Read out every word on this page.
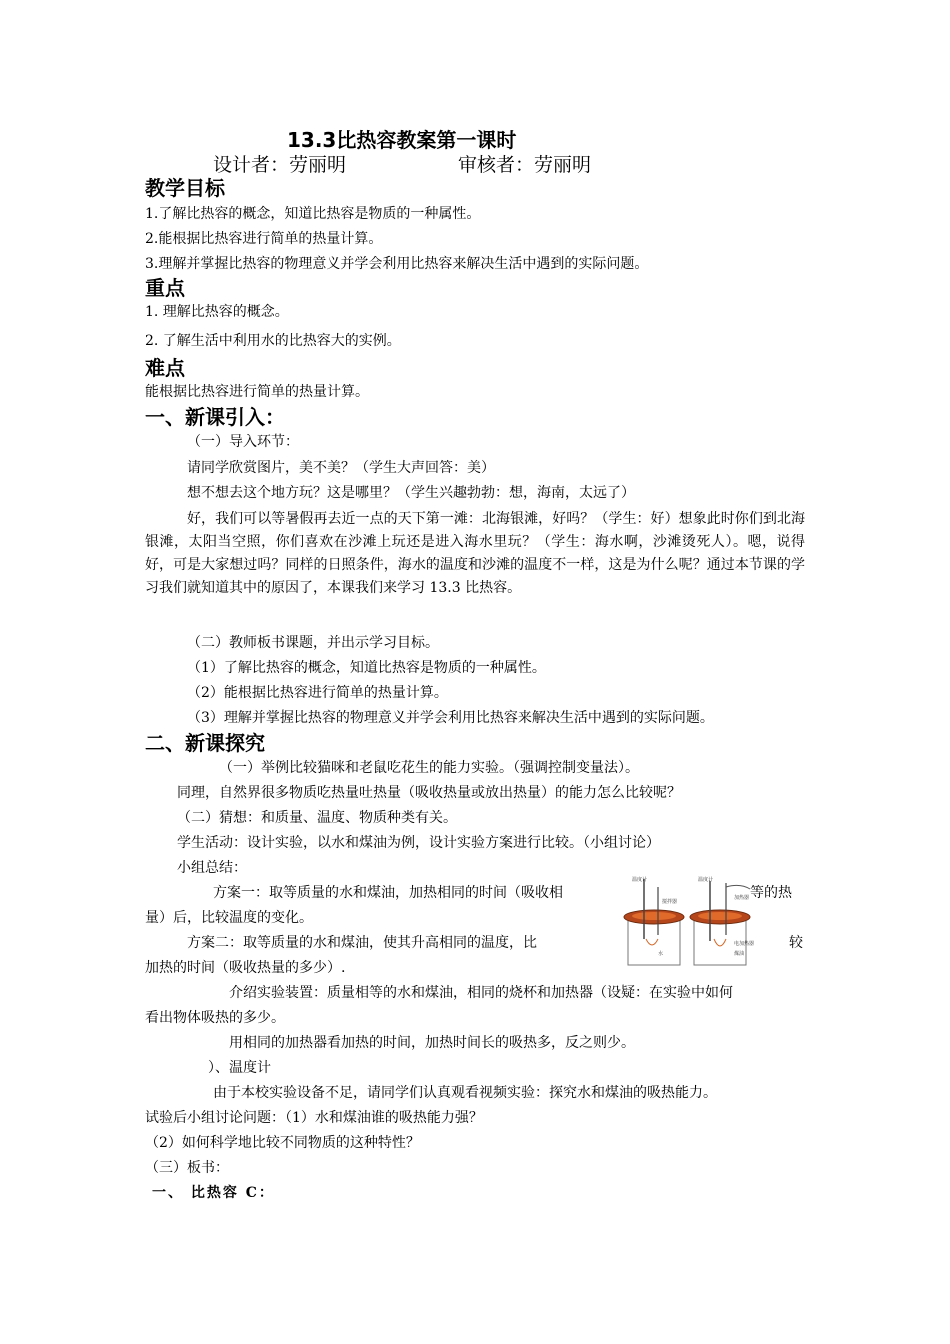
13.3比热容教案第一课时
设计者：劳丽明	审核者：劳丽明
教学目标
1.了解比热容的概念，知道比热容是物质的一种属性。
2.能根据比热容进行简单的热量计算。
3.理解并掌握比热容的物理意义并学会利用比热容来解决生活中遇到的实际问题。
重点
1. 理解比热容的概念。
2. 了解生活中利用水的比热容大的实例。
难点
能根据比热容进行简单的热量计算。
一、新课引入：
（一）导入环节：
请同学欣赏图片，美不美？（学生大声回答：美）
想不想去这个地方玩？这是哪里？（学生兴趣勃勃：想，海南，太远了）
好，我们可以等暑假再去近一点的天下第一滩：北海银滩，好吗？（学生：好）想象此时你们到北海银滩，太阳当空照，你们喜欢在沙滩上玩还是进入海水里玩？（学生：海水啊，沙滩烫死人）。嗯，说得好，可是大家想过吗？同样的日照条件，海水的温度和沙滩的温度不一样，这是为什么呢？通过本节课的学习我们就知道其中的原因了，本课我们来学习 13.3 比热容。
（二）教师板书课题，并出示学习目标。
（1）了解比热容的概念，知道比热容是物质的一种属性。
（2）能根据比热容进行简单的热量计算。
（3）理解并掌握比热容的物理意义并学会利用比热容来解决生活中遇到的实际问题。
二、新课探究
（一）举例比较猫咪和老鼠吃花生的能力实验。（强调控制变量法）。
同理，自然界很多物质吃热量吐热量（吸收热量或放出热量）的能力怎么比较呢？
（二）猜想：和质量、温度、物质种类有关。
学生活动：设计实验，以水和煤油为例，设计实验方案进行比较。（小组讨论）
小组总结：
方案一：取等质量的水和煤油，加热相同的时间（吸收相	等的热
量）后，比较温度的变化。
方案二：取等质量的水和煤油，使其升高相同的温度，比	较
加热的时间（吸收热量的多少）.
温度计	温度计
搅拌器
加热器
电加热器
煤油
水
介绍实验装置：质量相等的水和煤油，相同的烧杯和加热器（设疑：在实验中如何
看出物体吸热的多少。
用相同的加热器看加热的时间，加热时间长的吸热多，反之则少。
）、温度计
由于本校实验设备不足，请同学们认真观看视频实验：探究水和煤油的吸热能力。
试验后小组讨论问题：（1）水和煤油谁的吸热能力强？
（2）如何科学地比较不同物质的这种特性？
（三）板书：
一、 比热容 C：
